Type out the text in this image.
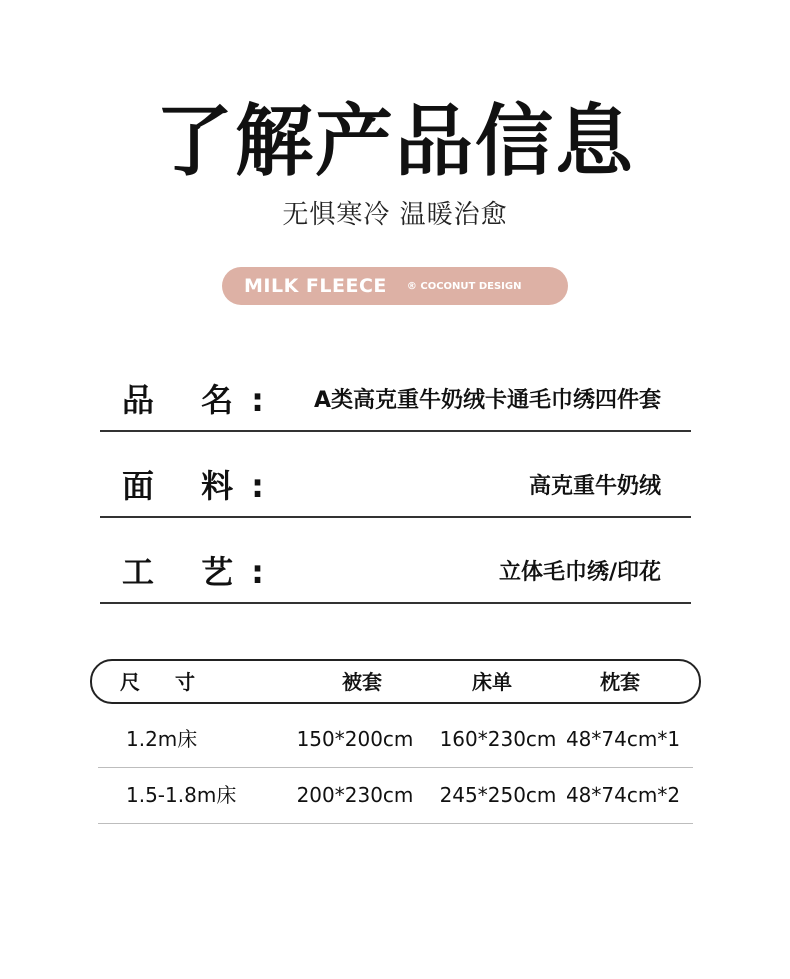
了解产品信息
无惧寒冷 温暖治愈
MILK FLEECE ® COCONUT DESIGN
品 名: A类高克重牛奶绒卡通毛巾绣四件套
面 料:	高克重牛奶绒
工 艺:	立体毛巾绣/印花
尺 寸	被套	床单	枕套
1.2m床	150*200cm	160*230cm 48*74cm*1
1.5-1.8m床	200*230cm	245*250cm 48*74cm*2
